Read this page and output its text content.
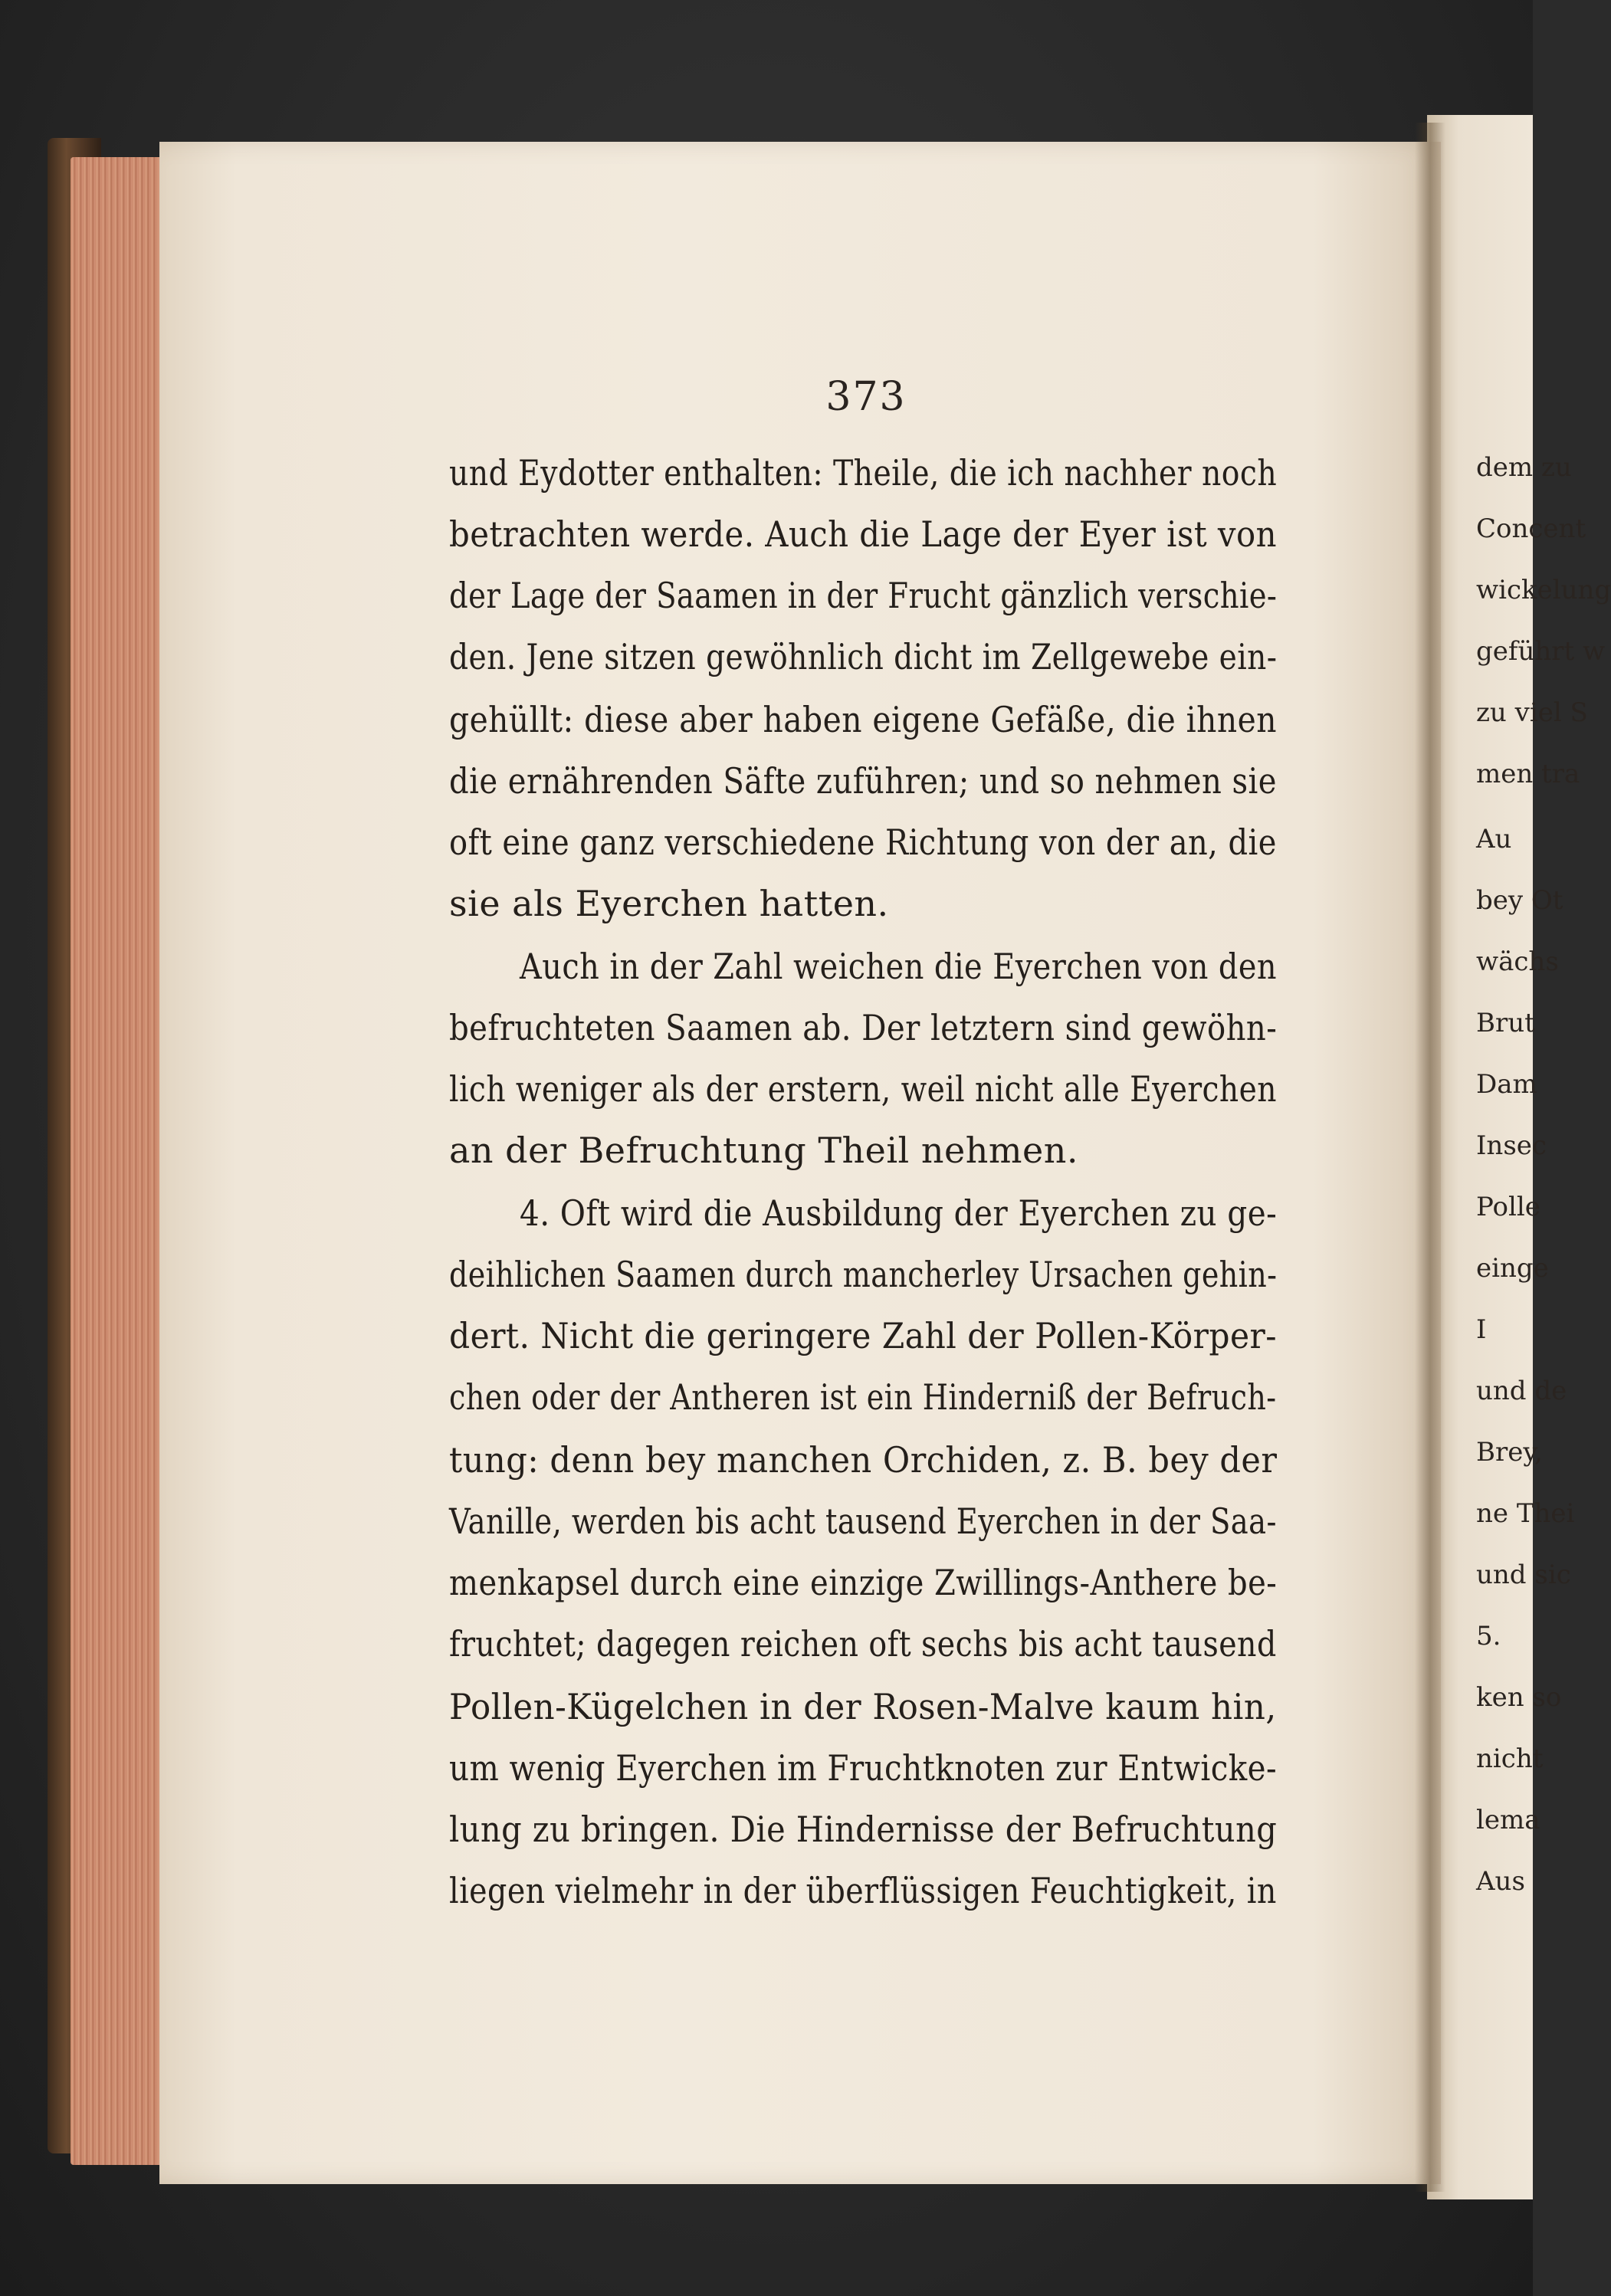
dem zu
Concent
wickelung
geführt w
zu viel S
men tra
Au
bey Ot
wächs
Brut
Dam
Insec
Polle
einge
I
und de
Brey,
ne Thei
und sic
5.
ken so
nicht
lema
Aus
373
und Eydotter enthalten: Theile, die ich nachher noch
betrachten werde. Auch die Lage der Eyer ist von
der Lage der Saamen in der Frucht gänzlich verschie-
den. Jene sitzen gewöhnlich dicht im Zellgewebe ein-
gehüllt: diese aber haben eigene Gefäße, die ihnen
die ernährenden Säfte zuführen; und so nehmen sie
oft eine ganz verschiedene Richtung von der an, die
sie als Eyerchen hatten.
Auch in der Zahl weichen die Eyerchen von den
befruchteten Saamen ab. Der letztern sind gewöhn-
lich weniger als der erstern, weil nicht alle Eyerchen
an der Befruchtung Theil nehmen.
4. Oft wird die Ausbildung der Eyerchen zu ge-
deihlichen Saamen durch mancherley Ursachen gehin-
dert. Nicht die geringere Zahl der Pollen-Körper-
chen oder der Antheren ist ein Hinderniß der Befruch-
tung: denn bey manchen Orchiden, z. B. bey der
Vanille, werden bis acht tausend Eyerchen in der Saa-
menkapsel durch eine einzige Zwillings-Anthere be-
fruchtet; dagegen reichen oft sechs bis acht tausend
Pollen-Kügelchen in der Rosen-Malve kaum hin,
um wenig Eyerchen im Fruchtknoten zur Entwicke-
lung zu bringen. Die Hindernisse der Befruchtung
liegen vielmehr in der überflüssigen Feuchtigkeit, in
